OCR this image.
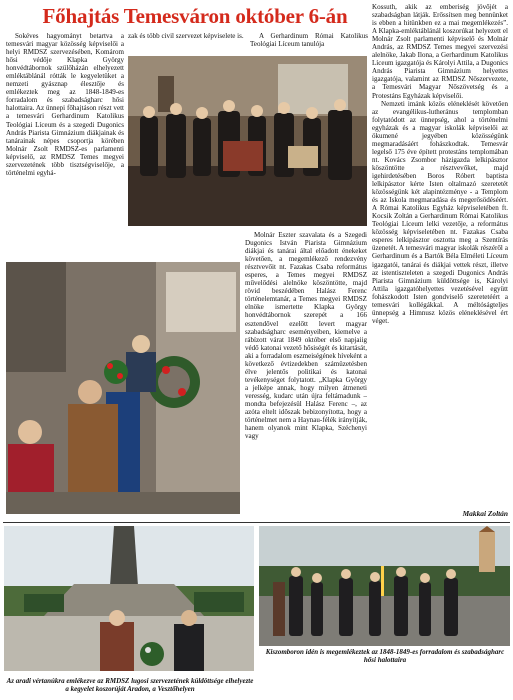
Főhajtás Temesváron október 6-án

Sokéves hagyományt betartva a temesvári magyar közösség képviselői a helyi RMDSZ szervezésében, Komárom hősi védője Klapka György honvédtábornok szülőházán elhelyezett emléktáblánál rótták le kegyeletüket a nemzeti gyásznap élesztője és emlékeztek meg az 1848-1849-es forradalom és szabadságharc hősi halottaira. Az ünnepi főhajtáson részt vett a temesvári Gerhardinum Katolikus Teológiai Líceum és a szegedi Dugonics András Piarista Gimnázium diákjainak és tanárainak népes csoportja körében Molnár Zsolt RMDSZ-es parlamenti képviselő, az RMDSZ Temes megyei szervezetének több tisztségviselője, a történelmi egyhá-

zak és több civil szervezet képviselete is.	A Gerhardinum Római Katolikus Teológiai Líceum tanulója

Kossuth, akik az emberiség jövőjét a szabadságban látják. Erőssítsen meg bennünket is ebben a hitünkben ez a mai megemlékezés”. A Klapka-emléktáblánál koszorúkat helyezett el Molnár Zsolt parlamenti képviselő és Molnár András, az RMDSZ Temes megyei szervezési alelnöke, Jakab Ilona, a Gerhardinum Katolikus Líceum igazgatója és Károlyi Attila, a Dugonics András Piarista Gimnázium helyettes igazgatója, valamint az RMDSZ Nőszervezete, a Temesvári Magyar Nőszövetség és a Protestáns Egyházak képviselői.

Nemzeti imánk közös eléneklését követően az evangélikus-lutheránus templomban folytatódott az ünnepség, ahol a történelmi egyházak és a magyar iskolák képviselői az ökumené jegyében közösségünk megmaradásáért fohászkodtak. Temesvár legelső 175 éve épített protestáns templomában nt. Kovács Zsombor házigazda lelkipásztor köszöntötte a résztvevőket, majd igehirdetésében Boros Róbert baptista lelkipásztor kérte Isten oltalmazó szeretetét közösségünk két alapintézménye - a Templom és az Iskola megmaradása és megerősödéséért. A Római Katolikus Egyház képviseletében ft. Kocsik Zoltán a Gerhardinum Római Katolikus Teológiai Líceum lelki vezetője, a református közösség képviseletében nt. Fazakas Csaba esperes lelkipásztor osztotta meg a Szentírás üzenetét. A temesvári magyar iskolák részéről a Gerhardinum és a Bartók Béla Elméleti Líceum igazgatói, tanárai és diákjai vettek részt, illetve az istentiszteleten a szegedi Dugonics András Piarista Gimnázium küldöttsége is, Károlyi Attila igazgatóhelyettes vezetésével együtt fohászkodott Isten gondviselő szeretetéért a temesvári kollégákkal. A méltóságteljes ünnepség a Himnusz közös eléneklésével ért véget.

Molnár Eszter szavalata és a Szegedi Dugonics István Piarista Gimnázium diákjai és tanárai által előadott énekeket követően, a megemlékező rendezvény résztvevőit nt. Fazakas Csaba református esperes, a Temes megyei RMDSZ művelődési alelnöke köszöntötte, majd rövid beszédében Halász Ferenc történelemtanár, a Temes megyei RMDSZ elnöke ismertette Klapka György honvédtábornok szerepét a 166 esztendővel ezelőtt levert magyar szabadságharc eseményeiben, kiemelve a rábízott várat 1849 október első napjaiig védő katonai vezető hősiségét és kitartását, aki a forradalom eszmeiségének híveként a következő évtizedekben számüzetésben élve jelentős politikai és katonai tevékenységet folytatott. „Klapka György a jelképe annak, hogy milyen átmeneti veresség, kudarc után újra feltámadunk – mondta befejezésül Halász Ferenc –, az azóta eltelt idõszak bebizonyította, hogy a történelmet nem a Haynau-félék irányítják, hanem olyanok mint Klapka, Széchenyi vagy

Makkai Zoltán
Az aradi vértanúkra emlékezve az RMDSZ lugosi szervezetének küldöttsége elhelyezte a kegyelet koszorúját Aradon, a Vesztőhelyen
Kiszomboron idén is megemlékeztek az 1848-1849-es forradalom és szabadságharc hősi halottaira
